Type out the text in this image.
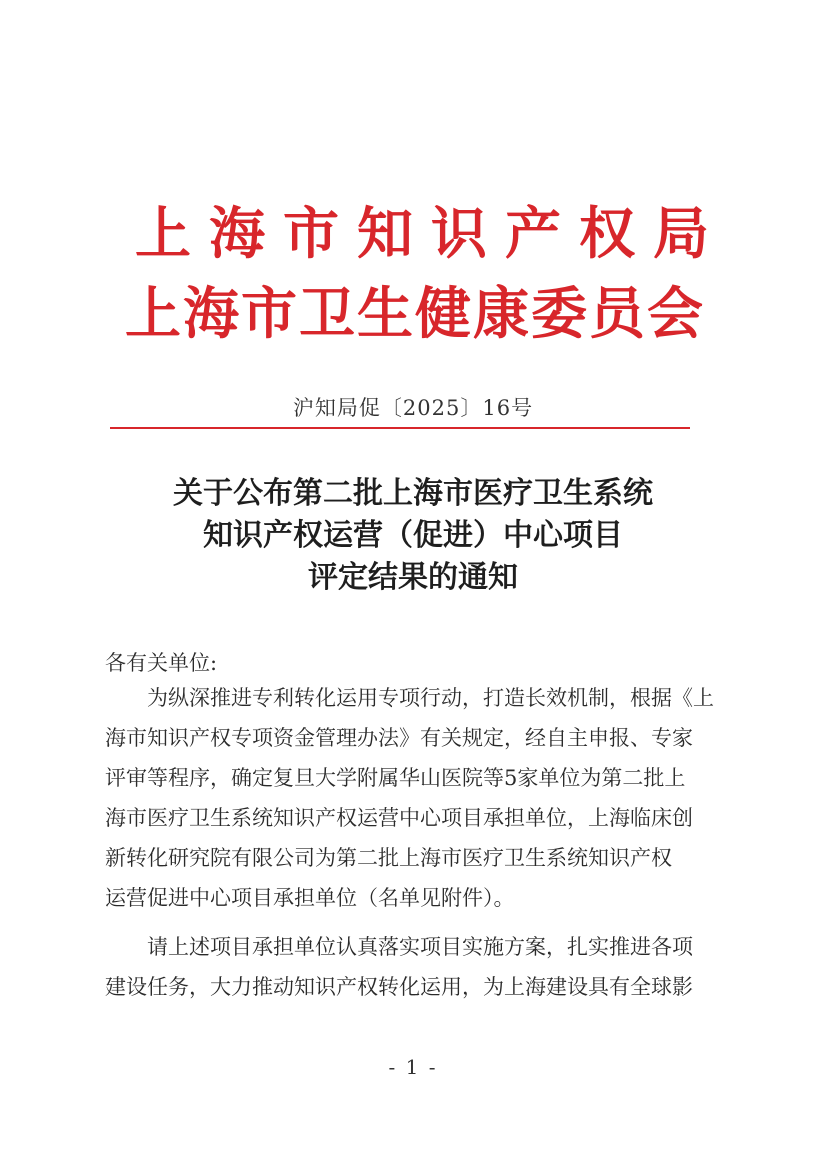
上海市知识产权局
上海市卫生健康委员会
沪知局促〔2025〕16号
关于公布第二批上海市医疗卫生系统
知识产权运营（促进）中心项目
评定结果的通知
各有关单位:
　　为纵深推进专利转化运用专项行动，打造长效机制，根据《上
海市知识产权专项资金管理办法》有关规定，经自主申报、专家
评审等程序，确定复旦大学附属华山医院等5家单位为第二批上
海市医疗卫生系统知识产权运营中心项目承担单位，上海临床创
新转化研究院有限公司为第二批上海市医疗卫生系统知识产权
运营促进中心项目承担单位（名单见附件）。
　　请上述项目承担单位认真落实项目实施方案，扎实推进各项
建设任务，大力推动知识产权转化运用，为上海建设具有全球影
- 1 -
